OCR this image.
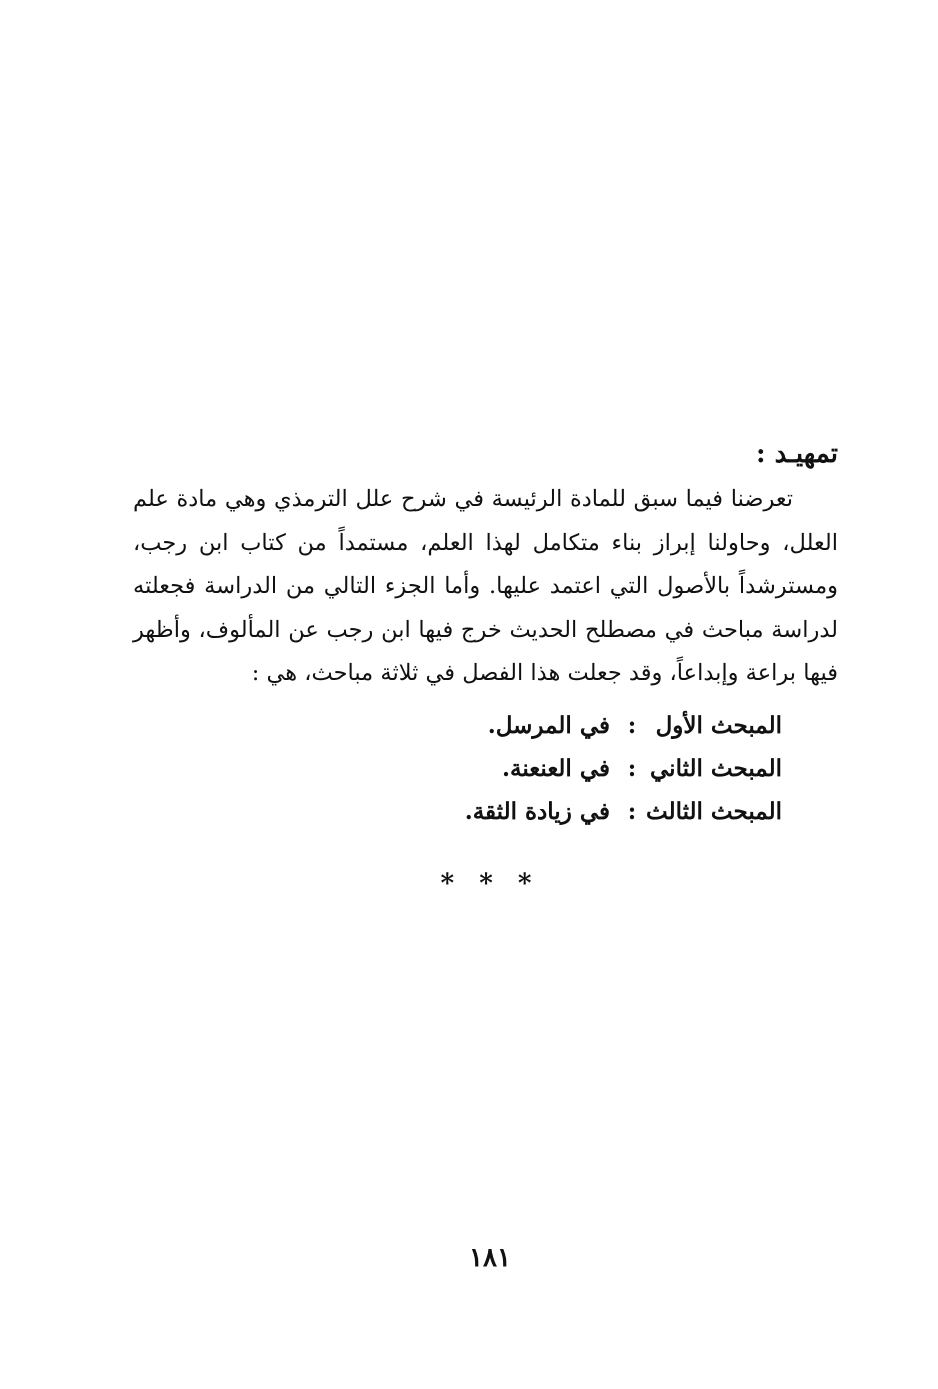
تمهيـد :

تعرضنا فيما سبق للمادة الرئيسة في شرح علل الترمذي وهي مادة علم العلل، وحاولنا إبراز بناء متكامل لهذا العلم، مستمداً من كتاب ابن رجب، ومسترشداً بالأصول التي اعتمد عليها. وأما الجزء التالي من الدراسة فجعلته لدراسة مباحث في مصطلح الحديث خرج فيها ابن رجب عن المألوف، وأظهر فيها براعة وإبداعاً، وقد جعلت هذا الفصل في ثلاثة مباحث، هي :

المبحث الأول
:
في المرسل.
المبحث الثاني
:
في العنعنة.
المبحث الثالث
:
في زيادة الثقة.
* * *
١٨١
